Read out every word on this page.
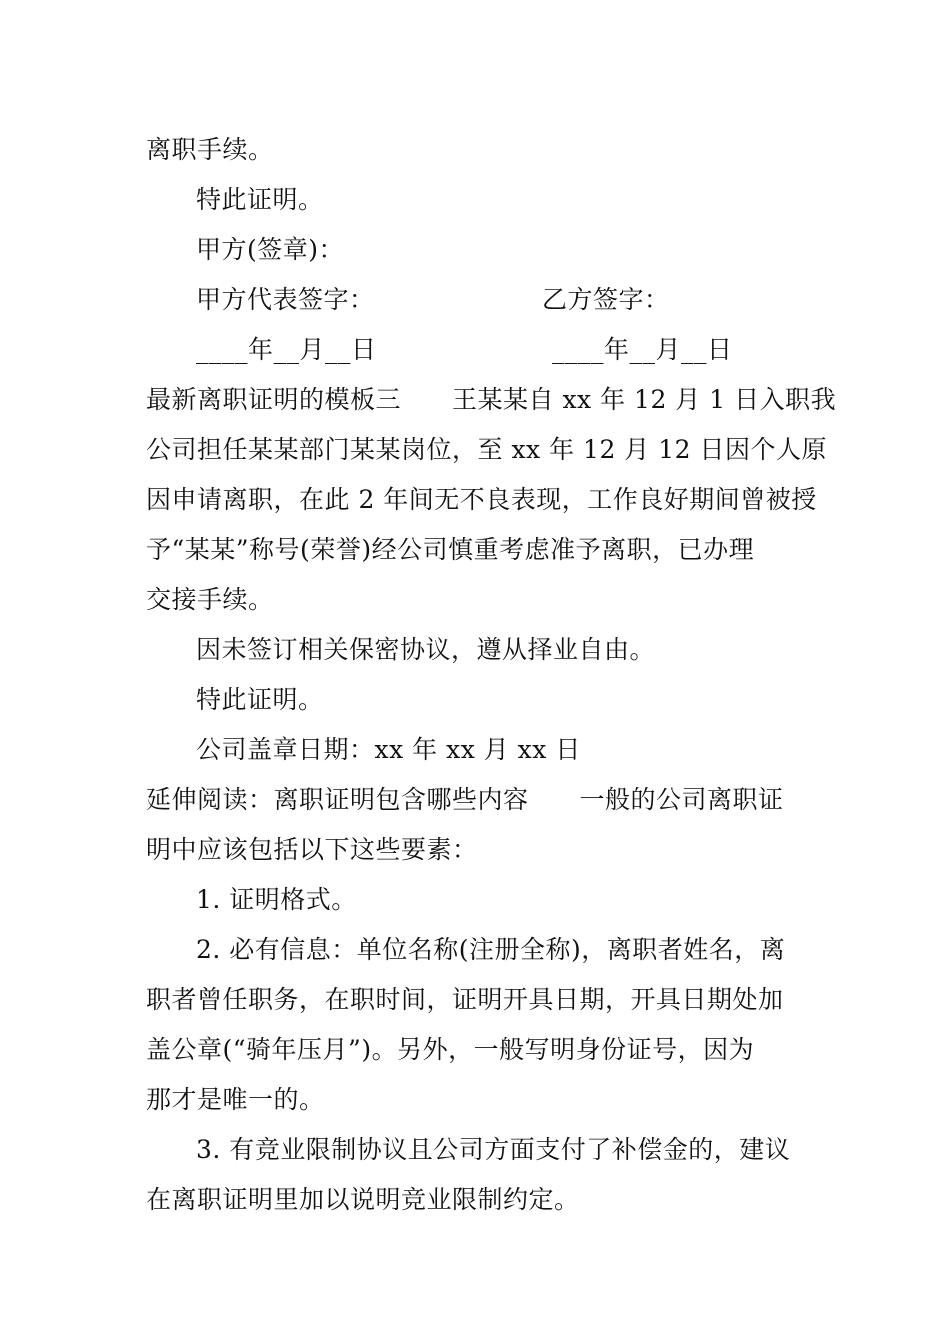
离职手续。
特此证明。
甲方(签章)：
甲方代表签字：	乙方签字：
____年__月__日	____年__月__日
最新离职证明的模板三　　王某某自 xx 年 12 月 1 日入职我
公司担任某某部门某某岗位，至 xx 年 12 月 12 日因个人原
因申请离职，在此 2 年间无不良表现，工作良好期间曾被授
予“某某”称号(荣誉)经公司慎重考虑准予离职，已办理
交接手续。
因未签订相关保密协议，遵从择业自由。
特此证明。
公司盖章日期：xx 年 xx 月 xx 日
延伸阅读：离职证明包含哪些内容　　一般的公司离职证
明中应该包括以下这些要素：
1. 证明格式。
2. 必有信息：单位名称(注册全称)，离职者姓名，离
职者曾任职务，在职时间，证明开具日期，开具日期处加
盖公章(“骑年压月”)。另外，一般写明身份证号，因为
那才是唯一的。
3. 有竞业限制协议且公司方面支付了补偿金的，建议
在离职证明里加以说明竞业限制约定。
